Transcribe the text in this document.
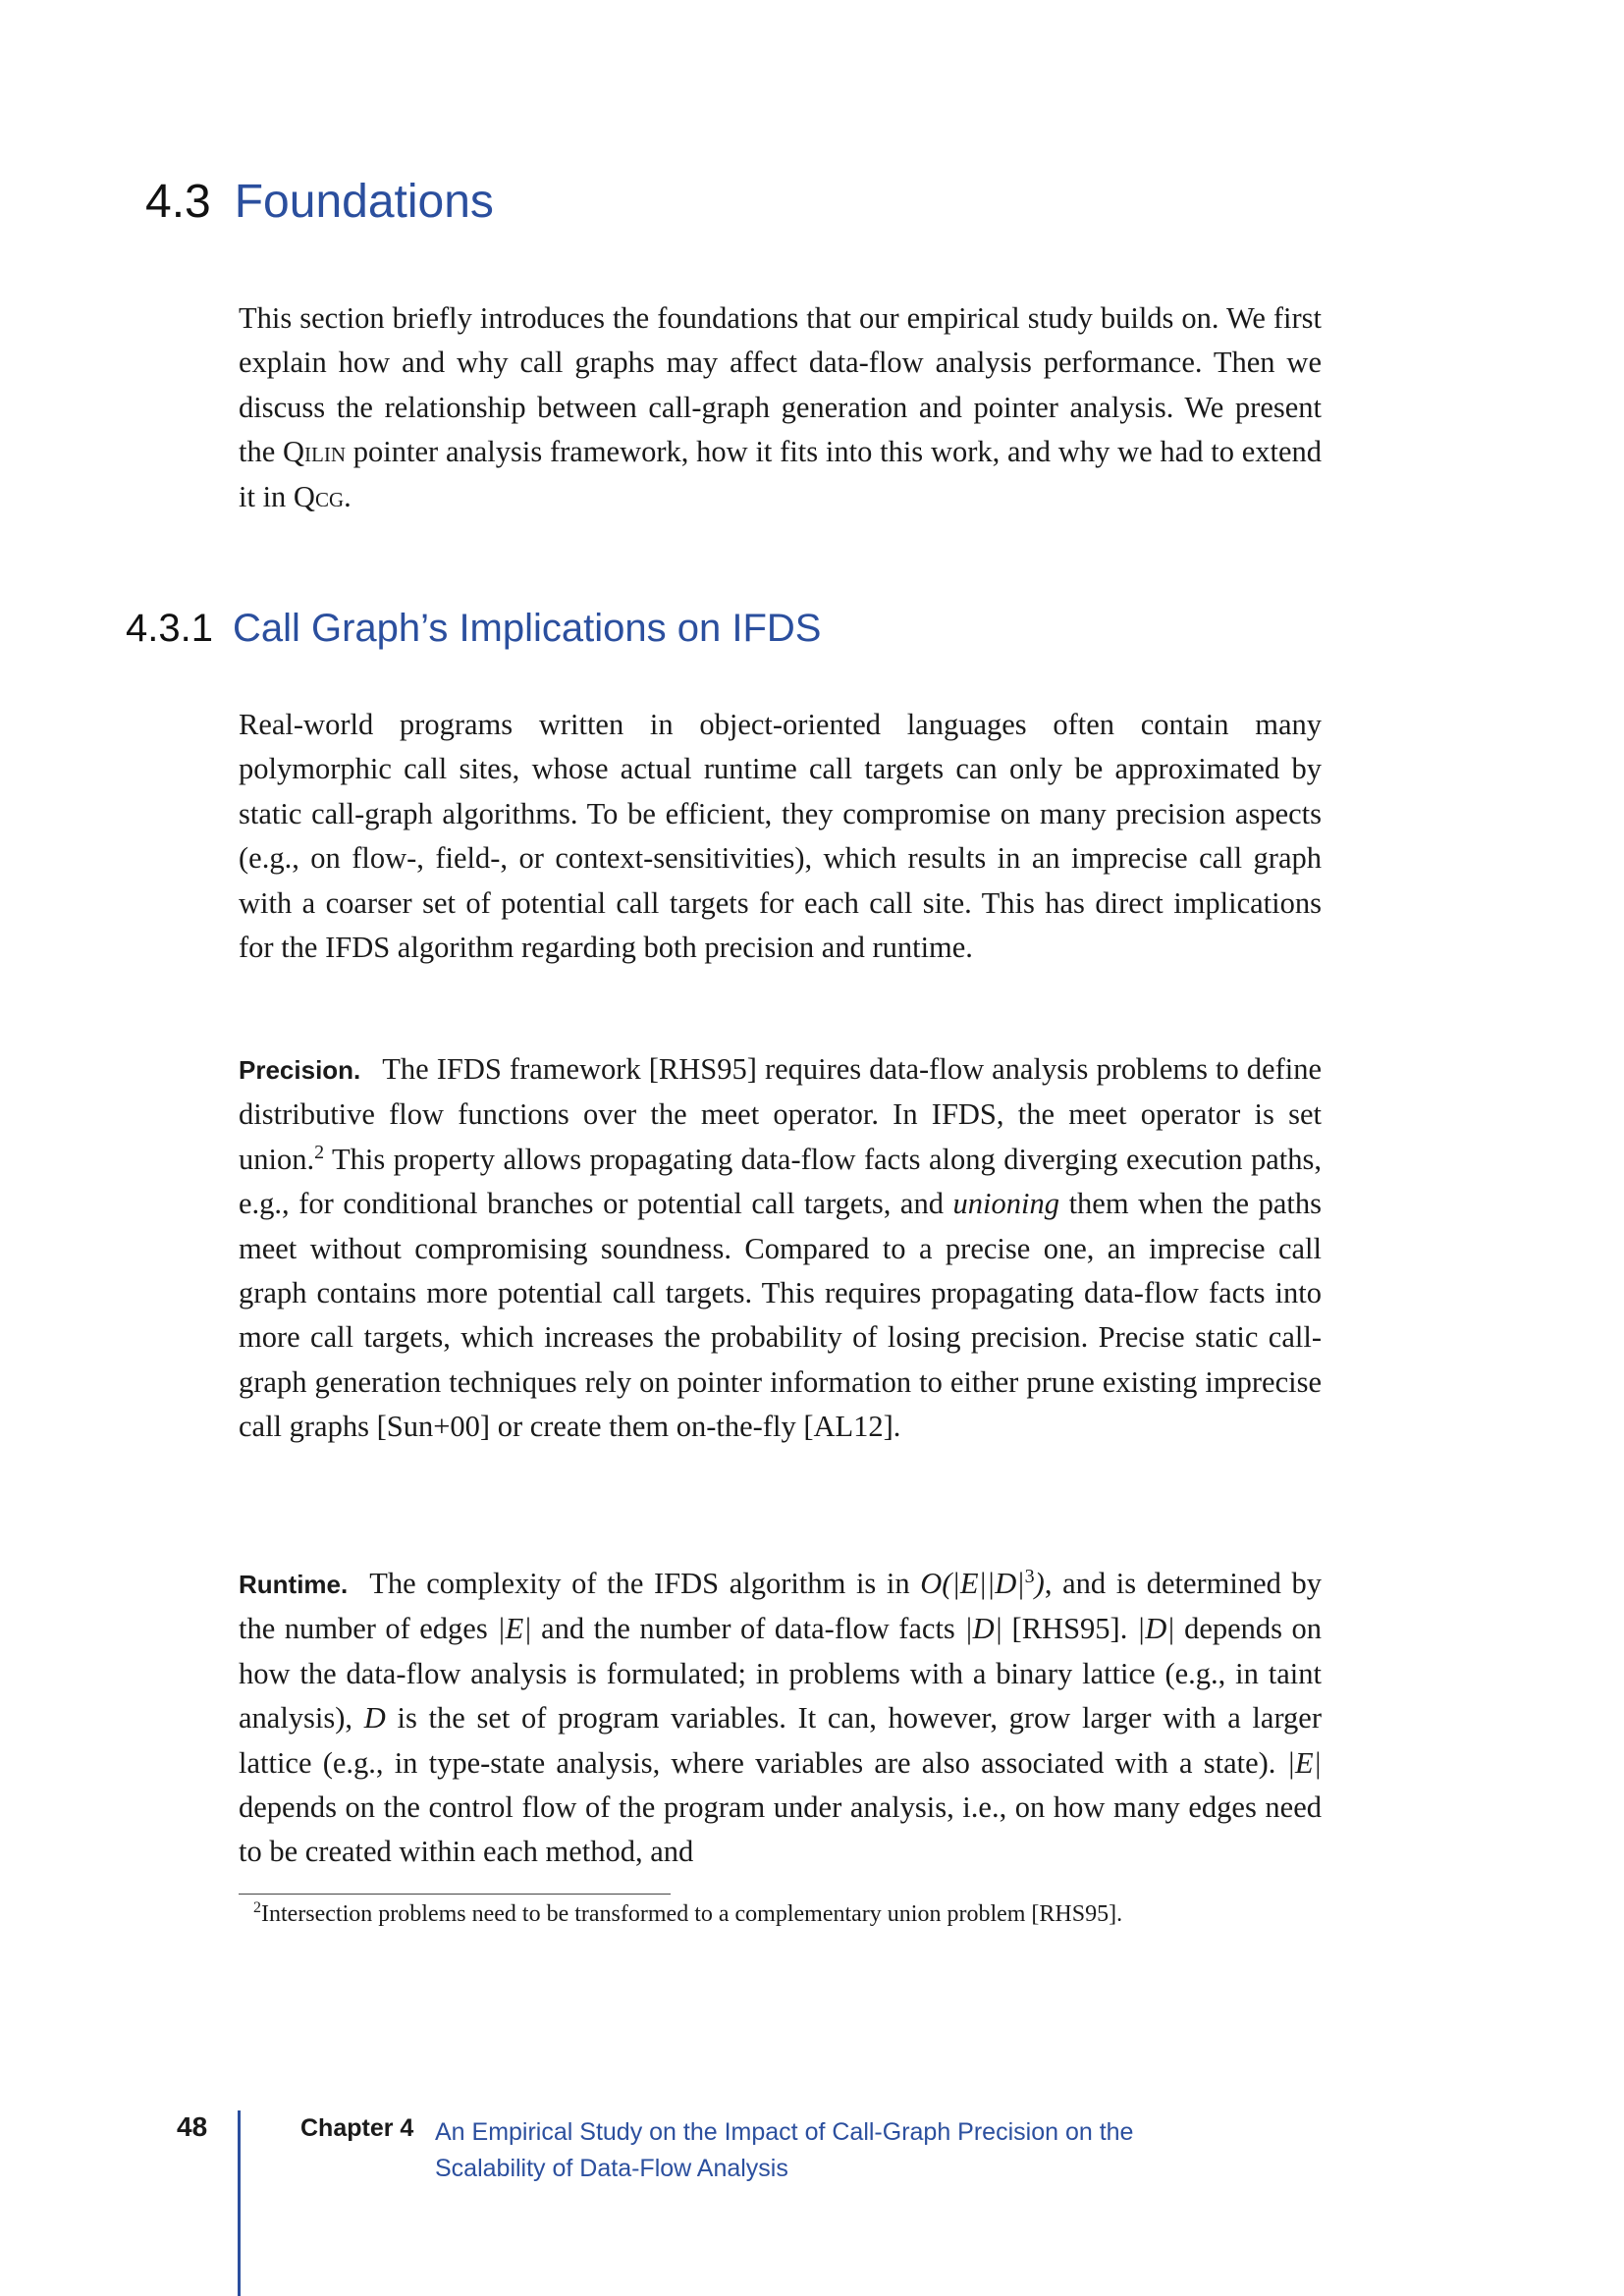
4.3 Foundations
This section briefly introduces the foundations that our empirical study builds on. We first explain how and why call graphs may affect data-flow analysis performance. Then we discuss the relationship between call-graph generation and pointer analysis. We present the Qilin pointer analysis framework, how it fits into this work, and why we had to extend it in Qcg.
4.3.1 Call Graph’s Implications on IFDS
Real-world programs written in object-oriented languages often contain many polymorphic call sites, whose actual runtime call targets can only be approximated by static call-graph algorithms. To be efficient, they compromise on many precision aspects (e.g., on flow-, field-, or context-sensitivities), which results in an imprecise call graph with a coarser set of potential call targets for each call site. This has direct implications for the IFDS algorithm regarding both precision and runtime.
Precision. The IFDS framework [RHS95] requires data-flow analysis problems to define distributive flow functions over the meet operator. In IFDS, the meet operator is set union.$^2$ This property allows propagating data-flow facts along diverging execution paths, e.g., for conditional branches or potential call targets, and unioning them when the paths meet without compromising soundness. Compared to a precise one, an imprecise call graph contains more potential call targets. This requires propagating data-flow facts into more call targets, which increases the probability of losing precision. Precise static call-graph generation techniques rely on pointer information to either prune existing imprecise call graphs [Sun+00] or create them on-the-fly [AL12].
Runtime. The complexity of the IFDS algorithm is in $O(|E||D|^3)$, and is determined by the number of edges |E| and the number of data-flow facts |D| [RHS95]. |D| depends on how the data-flow analysis is formulated; in problems with a binary lattice (e.g., in taint analysis), D is the set of program variables. It can, however, grow larger with a larger lattice (e.g., in type-state analysis, where variables are also associated with a state). |E| depends on the control flow of the program under analysis, i.e., on how many edges need to be created within each method, and
$^2$Intersection problems need to be transformed to a complementary union problem [RHS95].
48	Chapter 4 An Empirical Study on the Impact of Call-Graph Precision on the Scalability of Data-Flow Analysis
